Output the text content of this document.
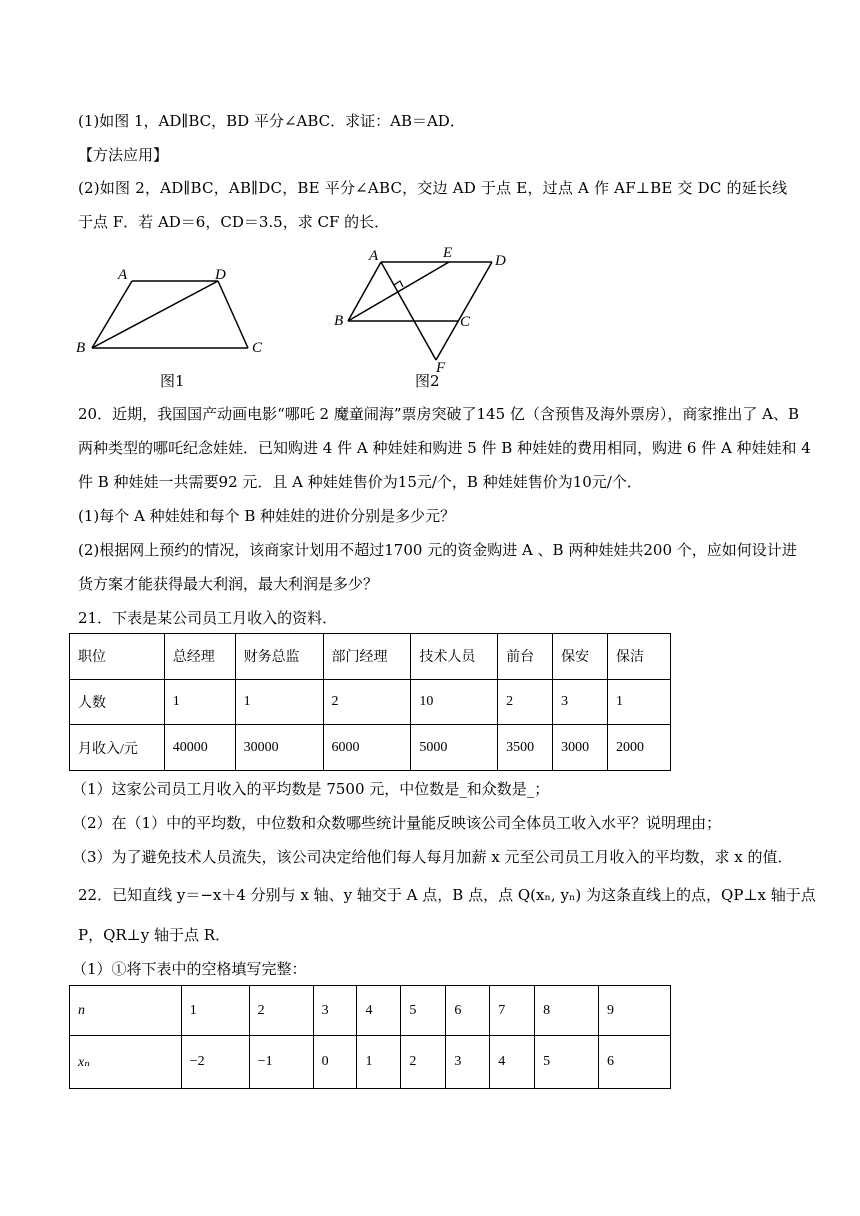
(1)如图 1，AD∥BC，BD 平分∠ABC．求证：AB＝AD．
【方法应用】
(2)如图 2，AD∥BC，AB∥DC，BE 平分∠ABC，交边 AD 于点 E，过点 A 作 AF⊥BE 交 DC 的延长线
于点 F．若 AD＝6，CD＝3.5，求 CF 的长．
A	D
B	C
图1
A	E	D
B	C
F
图2
20．近期，我国国产动画电影“哪吒 2 魔童闹海”票房突破了145 亿（含预售及海外票房），商家推出了 A、B
两种类型的哪吒纪念娃娃．已知购进 4 件 A 种娃娃和购进 5 件 B 种娃娃的费用相同，购进 6 件 A 种娃娃和 4
件 B 种娃娃一共需要92 元．且 A 种娃娃售价为15元/个，B 种娃娃售价为10元/个．
(1)每个 A 种娃娃和每个 B 种娃娃的进价分别是多少元？
(2)根据网上预约的情况，该商家计划用不超过1700 元的资金购进 A 、B 两种娃娃共200 个，应如何设计进
货方案才能获得最大利润，最大利润是多少？
21．下表是某公司员工月收入的资料．
职位	总经理	财务总监	部门经理	技术人员	前台	保安	保洁
人数	1	1	2	10	2	3	1
月收入/元	40000	30000	6000	5000	3500	3000	2000
（1）这家公司员工月收入的平均数是 7500 元，中位数是_和众数是_；
（2）在（1）中的平均数，中位数和众数哪些统计量能反映该公司全体员工收入水平？说明理由；
（3）为了避免技术人员流失，该公司决定给他们每人每月加薪 x 元至公司员工月收入的平均数，求 x 的值．
22．已知直线 y＝−x＋4 分别与 x 轴、y 轴交于 A 点，B 点，点 Q(xₙ, yₙ) 为这条直线上的点，QP⊥x 轴于点
P，QR⊥y 轴于点 R．
（1）①将下表中的空格填写完整：
n	1	2	3	4	5	6	7	8	9
xₙ	−2	−1	0	1	2	3	4	5	6
